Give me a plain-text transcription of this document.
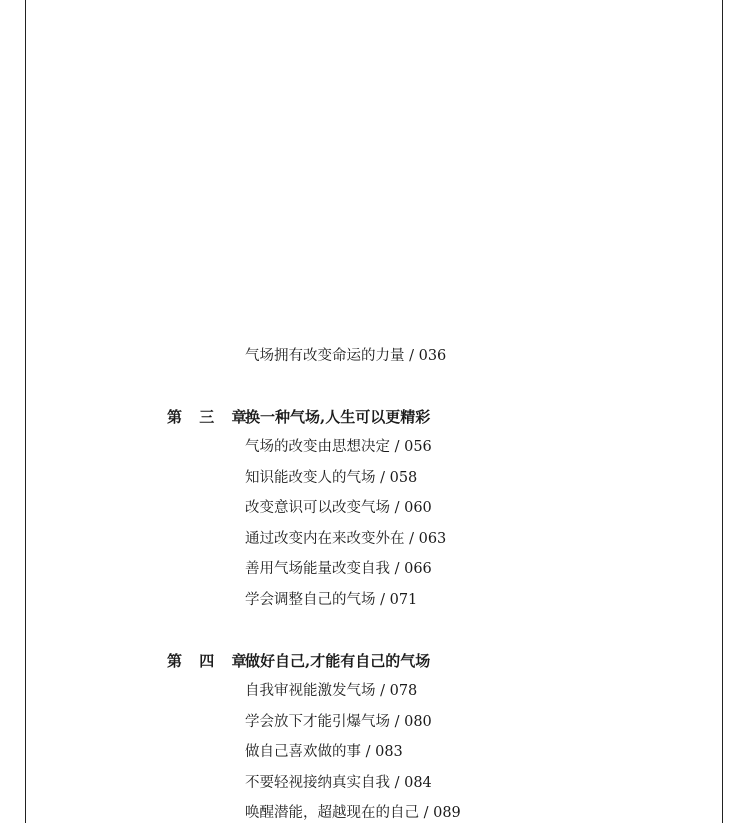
气场拥有改变命运的力量 / 036
第 三 章换一种气场,人生可以更精彩
气场的改变由思想决定 / 056
知识能改变人的气场 / 058
改变意识可以改变气场 / 060
通过改变内在来改变外在 / 063
善用气场能量改变自我 / 066
学会调整自己的气场 / 071
第 四 章做好自己,才能有自己的气场
自我审视能激发气场 / 078
学会放下才能引爆气场 / 080
做自己喜欢做的事 / 083
不要轻视接纳真实自我 / 084
唤醒潜能，超越现在的自己 / 089
